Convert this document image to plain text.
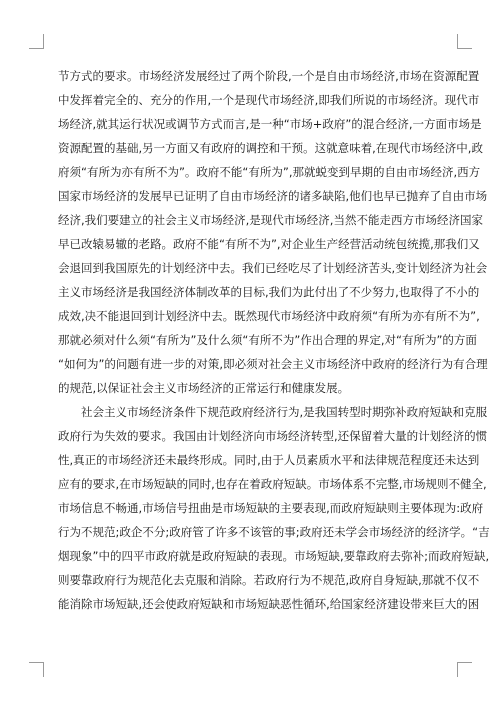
节方式的要求。市场经济发展经过了两个阶段,一个是自由市场经济,市场在资源配置
中发挥着完全的、充分的作用,一个是现代市场经济,即我们所说的市场经济。现代市
场经济,就其运行状况或调节方式而言,是一种“市场+政府”的混合经济,一方面市场是
资源配置的基础,另一方面又有政府的调控和干预。这就意味着,在现代市场经济中,政
府须“有所为亦有所不为”。政府不能“有所为”,那就蜕变到早期的自由市场经济,西方
国家市场经济的发展早已证明了自由市场经济的诸多缺陷,他们也早已抛弃了自由市场
经济,我们要建立的社会主义市场经济,是现代市场经济,当然不能走西方市场经济国家
早已改辕易辙的老路。政府不能“有所不为”,对企业生产经营活动统包统揽,那我们又
会退回到我国原先的计划经济中去。我们已经吃尽了计划经济苦头,变计划经济为社会
主义市场经济是我国经济体制改革的目标,我们为此付出了不少努力,也取得了不小的
成效,决不能退回到计划经济中去。既然现代市场经济中政府须“有所为亦有所不为”,
那就必须对什么须“有所为”及什么须“有所不为”作出合理的界定,对“有所为”的方面
“如何为”的问题有进一步的对策,即必须对社会主义市场经济中政府的经济行为有合理
的规范,以保证社会主义市场经济的正常运行和健康发展。
社会主义市场经济条件下规范政府经济行为,是我国转型时期弥补政府短缺和克服
政府行为失效的要求。我国由计划经济向市场经济转型,还保留着大量的计划经济的惯
性,真正的市场经济还未最终形成。同时,由于人员素质水平和法律规范程度还未达到
应有的要求,在市场短缺的同时,也存在着政府短缺。市场体系不完整,市场规则不健全,
市场信息不畅通,市场信号扭曲是市场短缺的主要表现,而政府短缺则主要体现为:政府
行为不规范;政企不分;政府管了许多不该管的事;政府还未学会市场经济的经济学。“吉
烟现象”中的四平市政府就是政府短缺的表现。市场短缺,要靠政府去弥补;而政府短缺,
则要靠政府行为规范化去克服和消除。若政府行为不规范,政府自身短缺,那就不仅不
能消除市场短缺,还会使政府短缺和市场短缺恶性循环,给国家经济建设带来巨大的困
